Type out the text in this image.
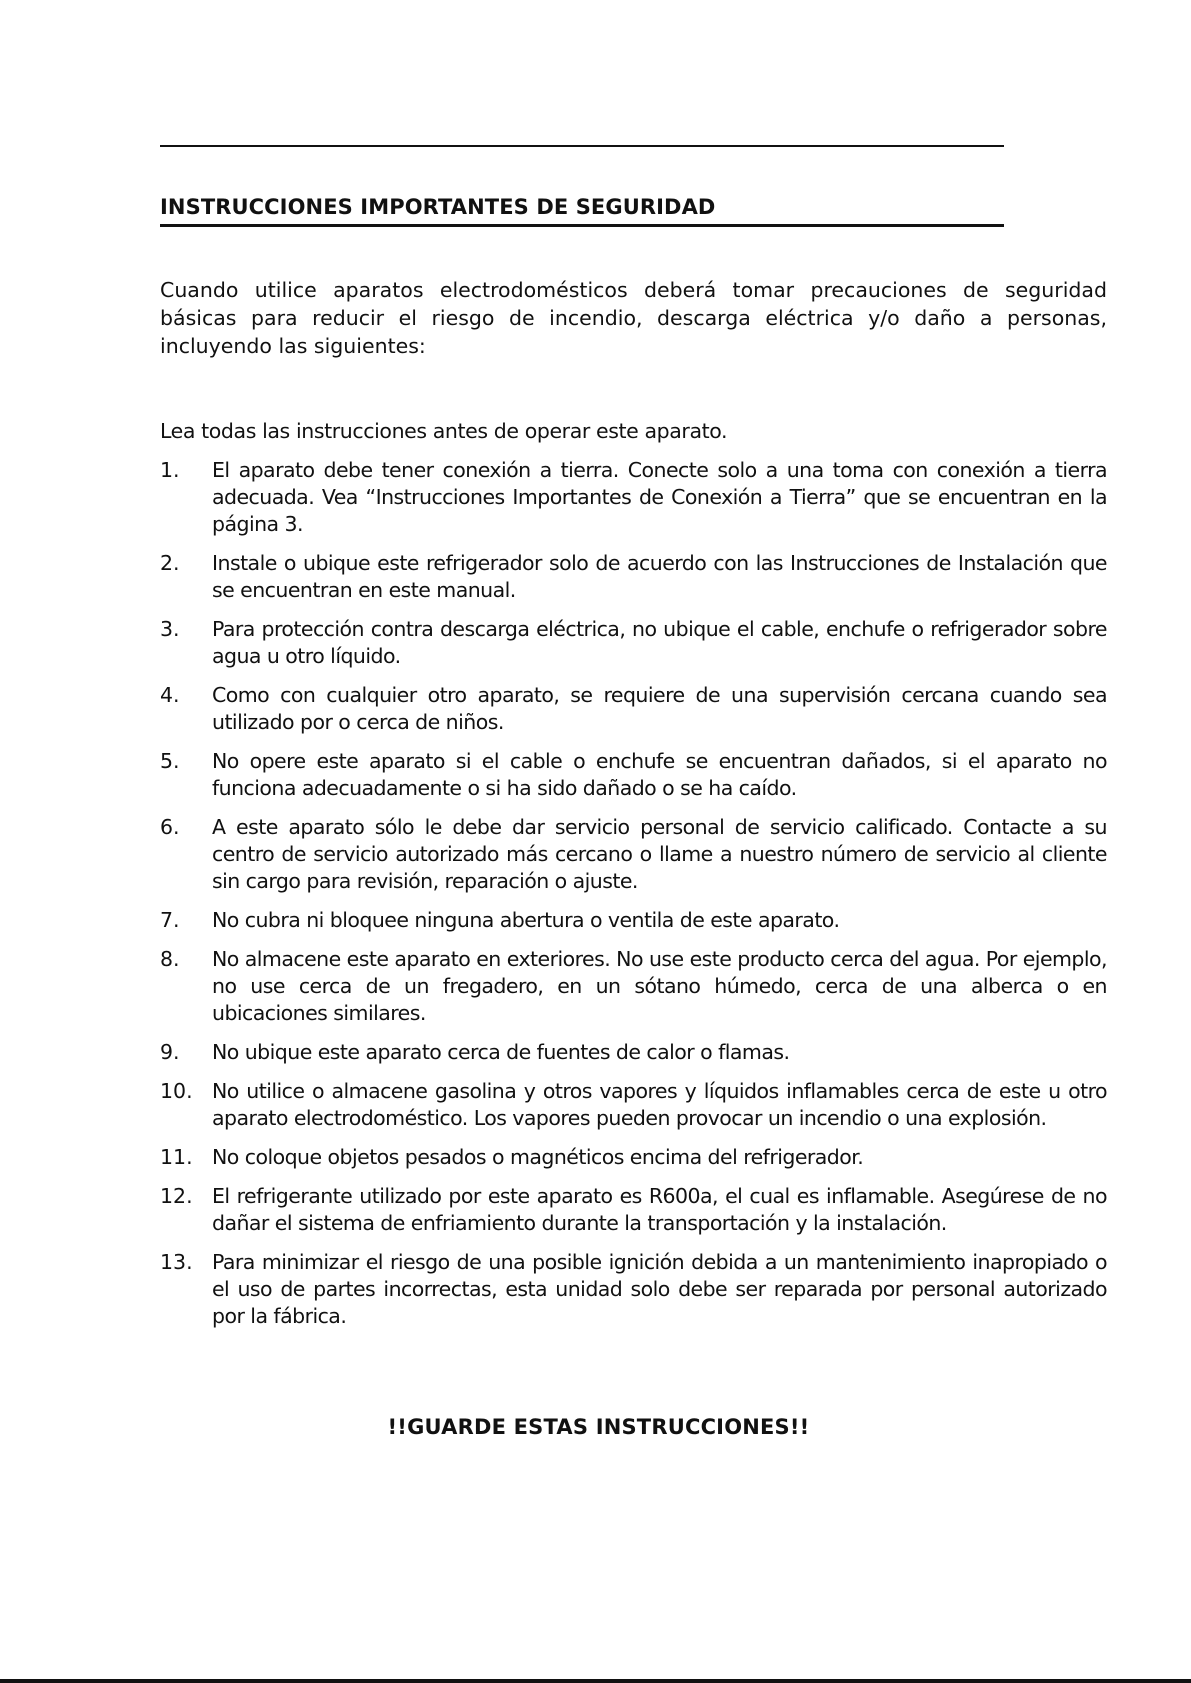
INSTRUCCIONES IMPORTANTES DE SEGURIDAD

Cuando utilice aparatos electrodomésticos deberá tomar precauciones de seguridad básicas para reducir el riesgo de incendio, descarga eléctrica y/o daño a personas, incluyendo las siguientes:

Lea todas las instrucciones antes de operar este aparato.

1.	El aparato debe tener conexión a tierra. Conecte solo a una toma con conexión a tierra adecuada. Vea “Instrucciones Importantes de Conexión a Tierra” que se encuentran en la página 3.
2.	Instale o ubique este refrigerador solo de acuerdo con las Instrucciones de Instalación que se encuentran en este manual.
3.	Para protección contra descarga eléctrica, no ubique el cable, enchufe o refrigerador sobre agua u otro líquido.
4.	Como con cualquier otro aparato, se requiere de una supervisión cercana cuando sea utilizado por o cerca de niños.
5.	No opere este aparato si el cable o enchufe se encuentran dañados, si el aparato no funciona adecuadamente o si ha sido dañado o se ha caído.
6.	A este aparato sólo le debe dar servicio personal de servicio calificado. Contacte a su centro de servicio autorizado más cercano o llame a nuestro número de servicio al cliente sin cargo para revisión, reparación o ajuste.
7.	No cubra ni bloquee ninguna abertura o ventila de este aparato.
8.	No almacene este aparato en exteriores. No use este producto cerca del agua. Por ejemplo, no use cerca de un fregadero, en un sótano húmedo, cerca de una alberca o en ubicaciones similares.
9.	No ubique este aparato cerca de fuentes de calor o flamas.
10. No utilice o almacene gasolina y otros vapores y líquidos inflamables cerca de este u otro aparato electrodoméstico. Los vapores pueden provocar un incendio o una explosión.
11. No coloque objetos pesados o magnéticos encima del refrigerador.
12. El refrigerante utilizado por este aparato es R600a, el cual es inflamable. Asegúrese de no dañar el sistema de enfriamiento durante la transportación y la instalación.
13. Para minimizar el riesgo de una posible ignición debida a un mantenimiento inapropiado o el uso de partes incorrectas, esta unidad solo debe ser reparada por personal autorizado por la fábrica.
!!GUARDE ESTAS INSTRUCCIONES!!
